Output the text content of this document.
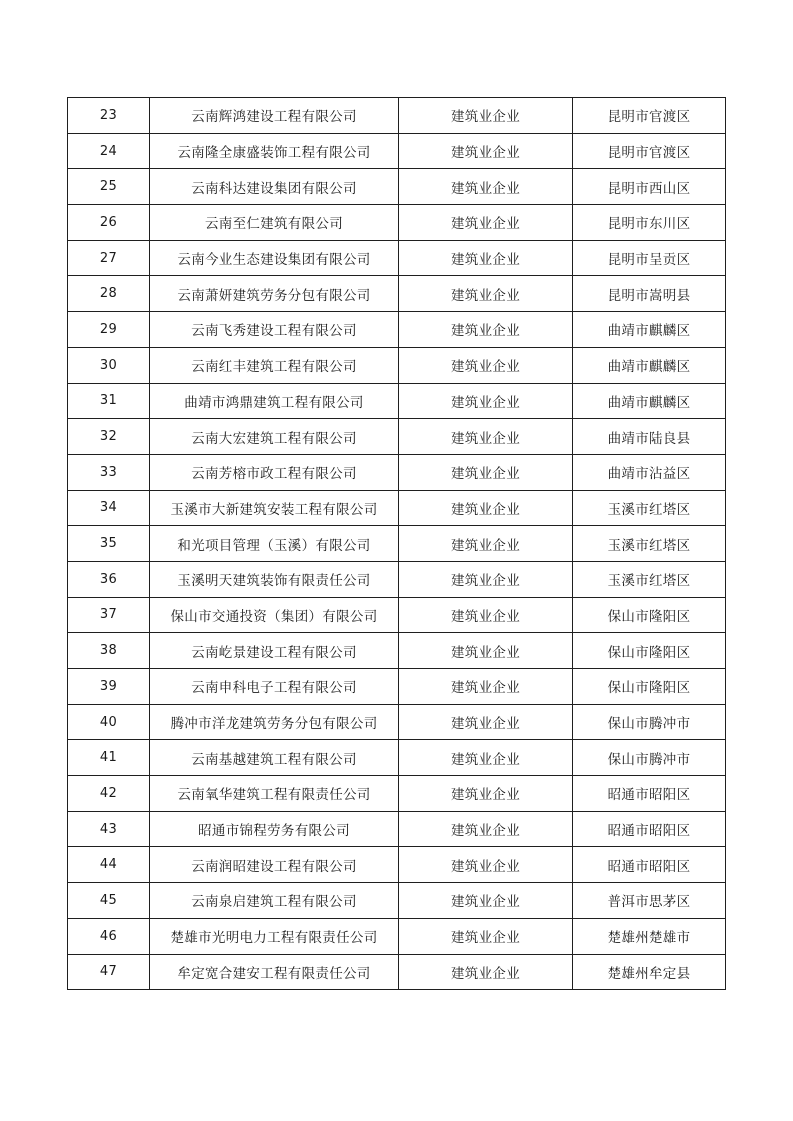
23	云南辉鸿建设工程有限公司	建筑业企业	昆明市官渡区
24	云南隆全康盛装饰工程有限公司	建筑业企业	昆明市官渡区
25	云南科达建设集团有限公司	建筑业企业	昆明市西山区
26	云南至仁建筑有限公司	建筑业企业	昆明市东川区
27	云南今业生态建设集团有限公司	建筑业企业	昆明市呈贡区
28	云南萧妍建筑劳务分包有限公司	建筑业企业	昆明市嵩明县
29	云南飞秀建设工程有限公司	建筑业企业	曲靖市麒麟区
30	云南红丰建筑工程有限公司	建筑业企业	曲靖市麒麟区
31	曲靖市鸿鼎建筑工程有限公司	建筑业企业	曲靖市麒麟区
32	云南大宏建筑工程有限公司	建筑业企业	曲靖市陆良县
33	云南芳榕市政工程有限公司	建筑业企业	曲靖市沾益区
34	玉溪市大新建筑安装工程有限公司	建筑业企业	玉溪市红塔区
35	和光项目管理（玉溪）有限公司	建筑业企业	玉溪市红塔区
36	玉溪明天建筑装饰有限责任公司	建筑业企业	玉溪市红塔区
37	保山市交通投资（集团）有限公司	建筑业企业	保山市隆阳区
38	云南屹景建设工程有限公司	建筑业企业	保山市隆阳区
39	云南申科电子工程有限公司	建筑业企业	保山市隆阳区
40	腾冲市洋龙建筑劳务分包有限公司	建筑业企业	保山市腾冲市
41	云南基越建筑工程有限公司	建筑业企业	保山市腾冲市
42	云南氧华建筑工程有限责任公司	建筑业企业	昭通市昭阳区
43	昭通市锦程劳务有限公司	建筑业企业	昭通市昭阳区
44	云南润昭建设工程有限公司	建筑业企业	昭通市昭阳区
45	云南泉启建筑工程有限公司	建筑业企业	普洱市思茅区
46	楚雄市光明电力工程有限责任公司	建筑业企业	楚雄州楚雄市
47	牟定宽合建安工程有限责任公司	建筑业企业	楚雄州牟定县
